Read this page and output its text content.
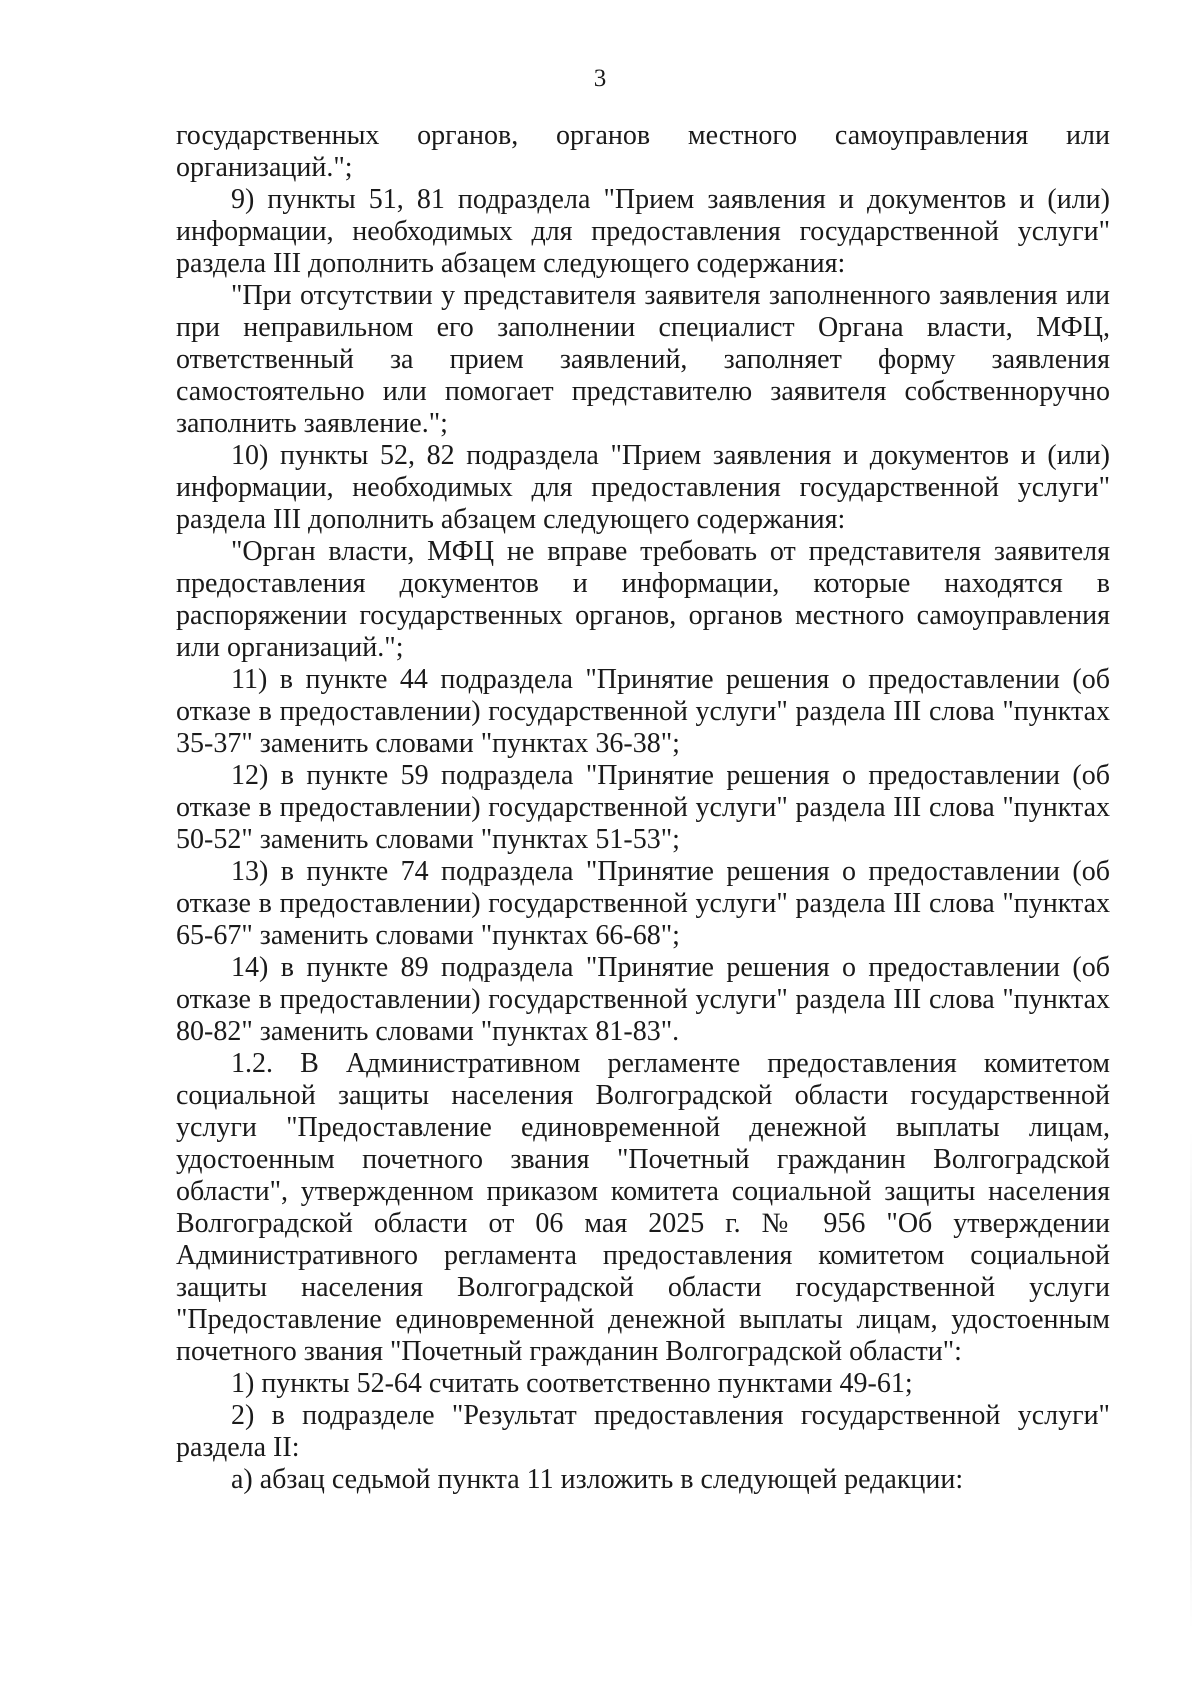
3

государственных органов, органов местного самоуправления или организаций.";

9) пункты 51, 81 подраздела "Прием заявления и документов и (или) информации, необходимых для предоставления государственной услуги" раздела III дополнить абзацем следующего содержания:

"При отсутствии у представителя заявителя заполненного заявления или при неправильном его заполнении специалист Органа власти, МФЦ, ответственный за прием заявлений, заполняет форму заявления самостоятельно или помогает представителю заявителя собственноручно заполнить заявление.";

10) пункты 52, 82 подраздела "Прием заявления и документов и (или) информации, необходимых для предоставления государственной услуги" раздела III дополнить абзацем следующего содержания:

"Орган власти, МФЦ не вправе требовать от представителя заявителя предоставления документов и информации, которые находятся в распоряжении государственных органов, органов местного самоуправления или организаций.";

11) в пункте 44 подраздела "Принятие решения о предоставлении (об отказе в предоставлении) государственной услуги" раздела III слова "пунктах 35-37" заменить словами "пунктах 36-38";

12) в пункте 59 подраздела "Принятие решения о предоставлении (об отказе в предоставлении) государственной услуги" раздела III слова "пунктах 50-52" заменить словами "пунктах 51-53";

13) в пункте 74 подраздела "Принятие решения о предоставлении (об отказе в предоставлении) государственной услуги" раздела III слова "пунктах 65-67" заменить словами "пунктах 66-68";

14) в пункте 89 подраздела "Принятие решения о предоставлении (об отказе в предоставлении) государственной услуги" раздела III слова "пунктах 80-82" заменить словами "пунктах 81-83".

1.2. В Административном регламенте предоставления комитетом социальной защиты населения Волгоградской области государственной услуги "Предоставление единовременной денежной выплаты лицам, удостоенным почетного звания "Почетный гражданин Волгоградской области", утвержденном приказом комитета социальной защиты населения Волгоградской области от 06 мая 2025 г. № 956 "Об утверждении Административного регламента предоставления комитетом социальной защиты населения Волгоградской области государственной услуги "Предоставление единовременной денежной выплаты лицам, удостоенным почетного звания "Почетный гражданин Волгоградской области":

1) пункты 52-64 считать соответственно пунктами 49-61;

2) в подразделе "Результат предоставления государственной услуги" раздела II:

а) абзац седьмой пункта 11 изложить в следующей редакции:
